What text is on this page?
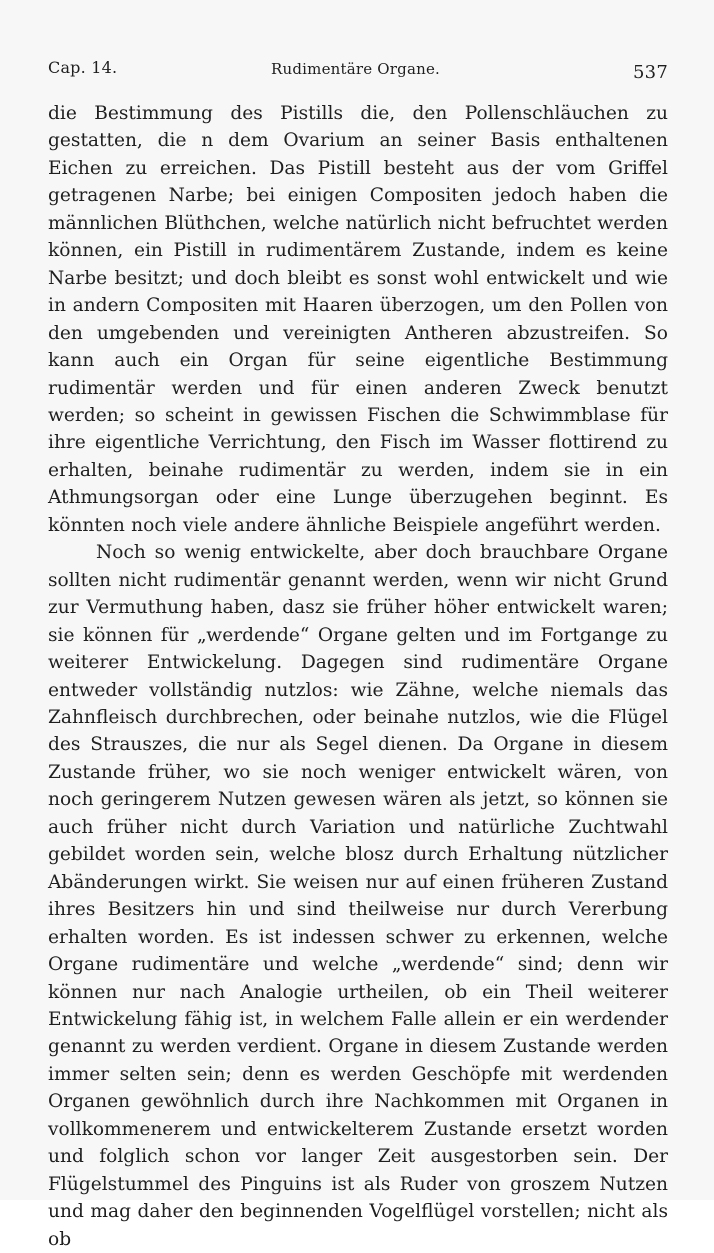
Cap. 14.	Rudimentäre Organe.	537

die Bestimmung des Pistills die, den Pollenschläuchen zu gestatten, die n dem Ovarium an seiner Basis enthaltenen Eichen zu erreichen. Das Pistill besteht aus der vom Griffel getragenen Narbe; bei einigen Compositen jedoch haben die männlichen Blüthchen, welche natürlich nicht befruchtet werden können, ein Pistill in rudimentärem Zustande, indem es keine Narbe besitzt; und doch bleibt es sonst wohl entwickelt und wie in andern Compositen mit Haaren überzogen, um den Pollen von den umgebenden und vereinigten Antheren abzustreifen. So kann auch ein Organ für seine eigentliche Bestimmung rudimentär werden und für einen anderen Zweck benutzt werden; so scheint in gewissen Fischen die Schwimmblase für ihre eigentliche Verrichtung, den Fisch im Wasser flottirend zu erhalten, beinahe rudimentär zu werden, indem sie in ein Athmungsorgan oder eine Lunge überzugehen beginnt. Es könnten noch viele andere ähnliche Beispiele angeführt werden.

Noch so wenig entwickelte, aber doch brauchbare Organe sollten nicht rudimentär genannt werden, wenn wir nicht Grund zur Vermuthung haben, dasz sie früher höher entwickelt waren; sie können für „werdende“ Organe gelten und im Fortgange zu weiterer Entwickelung. Dagegen sind rudimentäre Organe entweder vollständig nutzlos: wie Zähne, welche niemals das Zahnfleisch durchbrechen, oder beinahe nutzlos, wie die Flügel des Strauszes, die nur als Segel dienen. Da Organe in diesem Zustande früher, wo sie noch weniger entwickelt wären, von noch geringerem Nutzen gewesen wären als jetzt, so können sie auch früher nicht durch Variation und natürliche Zuchtwahl gebildet worden sein, welche blosz durch Erhaltung nützlicher Abänderungen wirkt. Sie weisen nur auf einen früheren Zustand ihres Besitzers hin und sind theilweise nur durch Vererbung erhalten worden. Es ist indessen schwer zu erkennen, welche Organe rudimentäre und welche „werdende“ sind; denn wir können nur nach Analogie urtheilen, ob ein Theil weiterer Entwickelung fähig ist, in welchem Falle allein er ein werdender genannt zu werden verdient. Organe in diesem Zustande werden immer selten sein; denn es werden Geschöpfe mit werdenden Organen gewöhnlich durch ihre Nachkommen mit Organen in vollkommenerem und entwickelterem Zustande ersetzt worden und folglich schon vor langer Zeit ausgestorben sein. Der Flügelstummel des Pinguins ist als Ruder von groszem Nutzen und mag daher den beginnenden Vogelflügel vorstellen; nicht als ob
